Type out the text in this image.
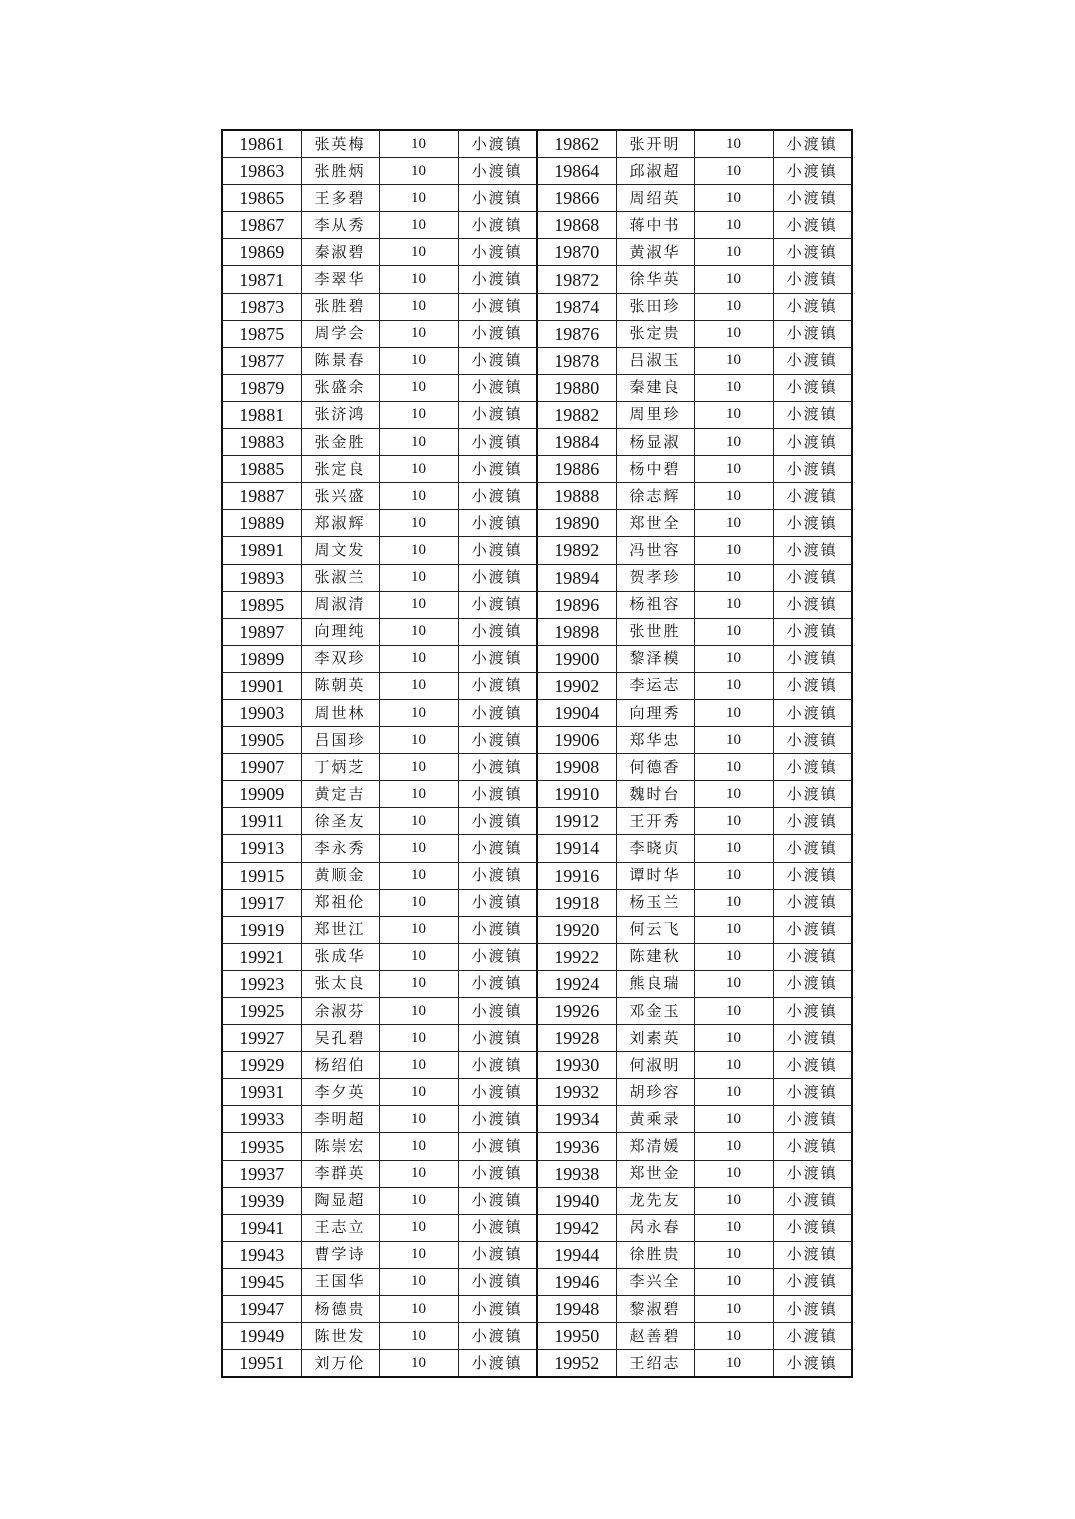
19861	张英梅	10	小渡镇	19862	张开明	10	小渡镇
19863	张胜炳	10	小渡镇	19864	邱淑超	10	小渡镇
19865	王多碧	10	小渡镇	19866	周绍英	10	小渡镇
19867	李从秀	10	小渡镇	19868	蒋中书	10	小渡镇
19869	秦淑碧	10	小渡镇	19870	黄淑华	10	小渡镇
19871	李翠华	10	小渡镇	19872	徐华英	10	小渡镇
19873	张胜碧	10	小渡镇	19874	张田珍	10	小渡镇
19875	周学会	10	小渡镇	19876	张定贵	10	小渡镇
19877	陈景春	10	小渡镇	19878	吕淑玉	10	小渡镇
19879	张盛余	10	小渡镇	19880	秦建良	10	小渡镇
19881	张济鸿	10	小渡镇	19882	周里珍	10	小渡镇
19883	张金胜	10	小渡镇	19884	杨显淑	10	小渡镇
19885	张定良	10	小渡镇	19886	杨中碧	10	小渡镇
19887	张兴盛	10	小渡镇	19888	徐志辉	10	小渡镇
19889	郑淑辉	10	小渡镇	19890	郑世全	10	小渡镇
19891	周文发	10	小渡镇	19892	冯世容	10	小渡镇
19893	张淑兰	10	小渡镇	19894	贺孝珍	10	小渡镇
19895	周淑清	10	小渡镇	19896	杨祖容	10	小渡镇
19897	向理纯	10	小渡镇	19898	张世胜	10	小渡镇
19899	李双珍	10	小渡镇	19900	黎泽模	10	小渡镇
19901	陈朝英	10	小渡镇	19902	李运志	10	小渡镇
19903	周世林	10	小渡镇	19904	向理秀	10	小渡镇
19905	吕国珍	10	小渡镇	19906	郑华忠	10	小渡镇
19907	丁炳芝	10	小渡镇	19908	何德香	10	小渡镇
19909	黄定吉	10	小渡镇	19910	魏时台	10	小渡镇
19911	徐圣友	10	小渡镇	19912	王开秀	10	小渡镇
19913	李永秀	10	小渡镇	19914	李晓贞	10	小渡镇
19915	黄顺金	10	小渡镇	19916	谭时华	10	小渡镇
19917	郑祖伦	10	小渡镇	19918	杨玉兰	10	小渡镇
19919	郑世江	10	小渡镇	19920	何云飞	10	小渡镇
19921	张成华	10	小渡镇	19922	陈建秋	10	小渡镇
19923	张太良	10	小渡镇	19924	熊良瑞	10	小渡镇
19925	余淑芬	10	小渡镇	19926	邓金玉	10	小渡镇
19927	吴孔碧	10	小渡镇	19928	刘素英	10	小渡镇
19929	杨绍伯	10	小渡镇	19930	何淑明	10	小渡镇
19931	李夕英	10	小渡镇	19932	胡珍容	10	小渡镇
19933	李明超	10	小渡镇	19934	黄乘录	10	小渡镇
19935	陈崇宏	10	小渡镇	19936	郑清媛	10	小渡镇
19937	李群英	10	小渡镇	19938	郑世金	10	小渡镇
19939	陶显超	10	小渡镇	19940	龙先友	10	小渡镇
19941	王志立	10	小渡镇	19942	呙永春	10	小渡镇
19943	曹学诗	10	小渡镇	19944	徐胜贵	10	小渡镇
19945	王国华	10	小渡镇	19946	李兴全	10	小渡镇
19947	杨德贵	10	小渡镇	19948	黎淑碧	10	小渡镇
19949	陈世发	10	小渡镇	19950	赵善碧	10	小渡镇
19951	刘万伦	10	小渡镇	19952	王绍志	10	小渡镇
